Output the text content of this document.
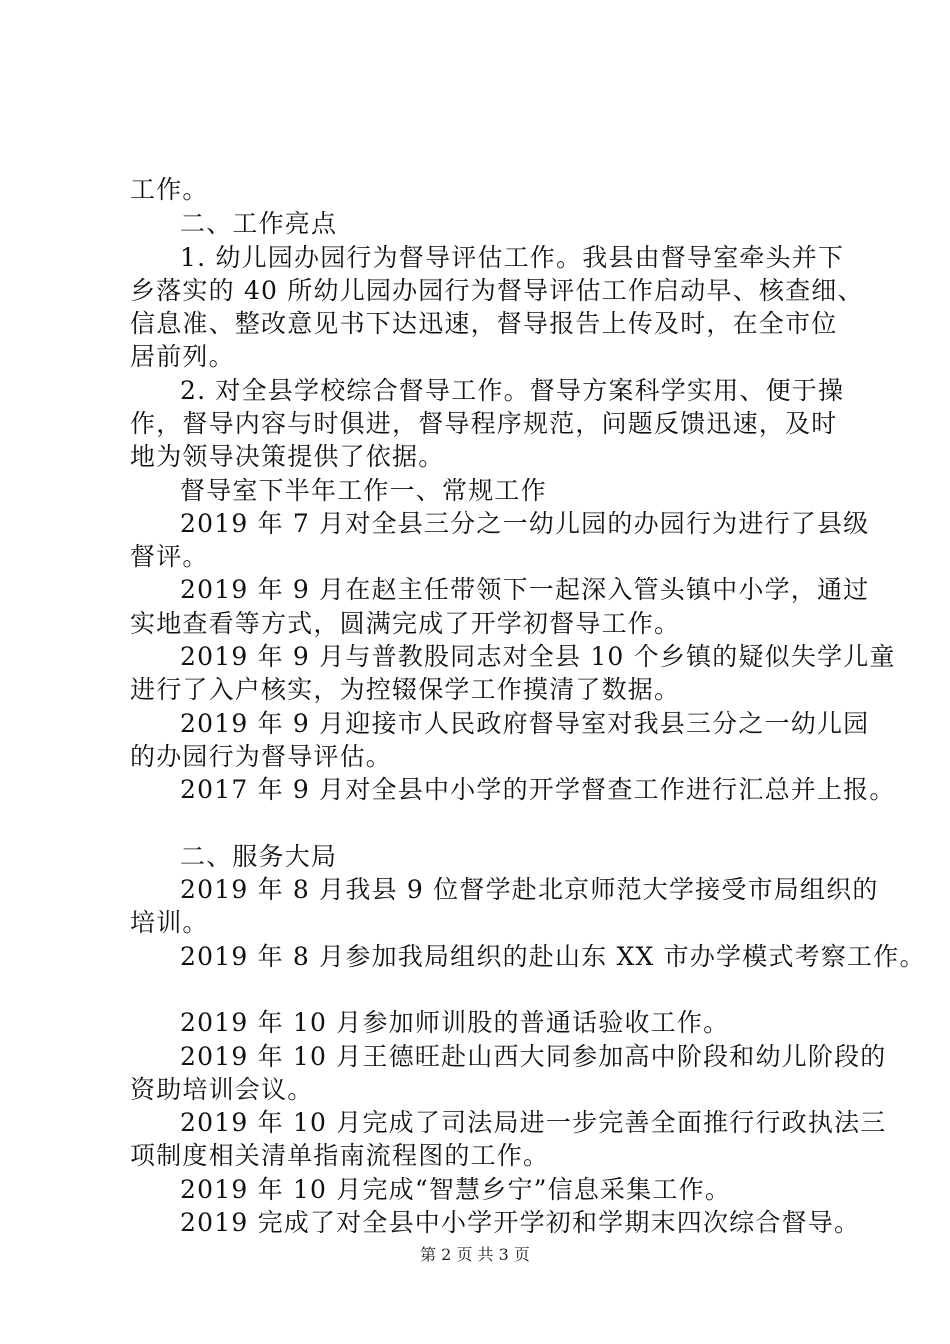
工作。
二、工作亮点
1. 幼儿园办园行为督导评估工作。我县由督导室牵头并下
乡落实的 40 所幼儿园办园行为督导评估工作启动早、核查细、
信息准、整改意见书下达迅速，督导报告上传及时，在全市位
居前列。
2. 对全县学校综合督导工作。督导方案科学实用、便于操
作，督导内容与时俱进，督导程序规范，问题反馈迅速，及时
地为领导决策提供了依据。
督导室下半年工作一、常规工作
2019 年 7 月对全县三分之一幼儿园的办园行为进行了县级
督评。
2019 年 9 月在赵主任带领下一起深入管头镇中小学，通过
实地查看等方式，圆满完成了开学初督导工作。
2019 年 9 月与普教股同志对全县 10 个乡镇的疑似失学儿童
进行了入户核实，为控辍保学工作摸清了数据。
2019 年 9 月迎接市人民政府督导室对我县三分之一幼儿园
的办园行为督导评估。
2017 年 9 月对全县中小学的开学督查工作进行汇总并上报。
二、服务大局
2019 年 8 月我县 9 位督学赴北京师范大学接受市局组织的
培训。
2019 年 8 月参加我局组织的赴山东 XX 市办学模式考察工作。
2019 年 10 月参加师训股的普通话验收工作。
2019 年 10 月王德旺赴山西大同参加高中阶段和幼儿阶段的
资助培训会议。
2019 年 10 月完成了司法局进一步完善全面推行行政执法三
项制度相关清单指南流程图的工作。
2019 年 10 月完成“智慧乡宁”信息采集工作。
2019 完成了对全县中小学开学初和学期末四次综合督导。
第 2 页 共 3 页
